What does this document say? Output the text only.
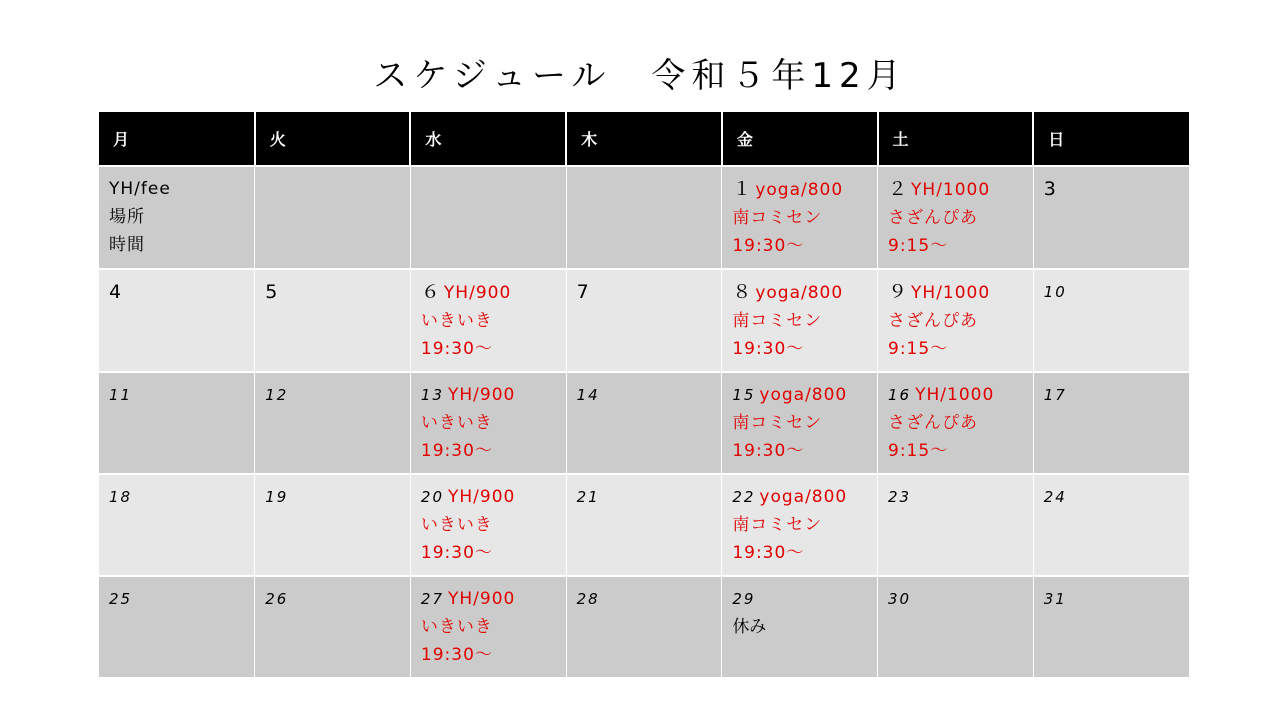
スケジュール　令和５年12月
月	火	水	木	金	土	日

YH/fee
場所
時間				１ yoga/800
南コミセン
19:30～	２ YH/1000
さざんぴあ
9:15～	3

4	5	６ YH/900
いきいき
19:30～	7	８ yoga/800
南コミセン
19:30～	９ YH/1000
さざんぴあ
9:15～	10

11	12	13 YH/900
いきいき
19:30～	14	15 yoga/800
南コミセン
19:30～	16 YH/1000
さざんぴあ
9:15～	17

18	19	20 YH/900
いきいき
19:30～	21	22 yoga/800
南コミセン
19:30～	23	24

25	26	27 YH/900
いきいき
19:30～	28	29
休み	30	31
